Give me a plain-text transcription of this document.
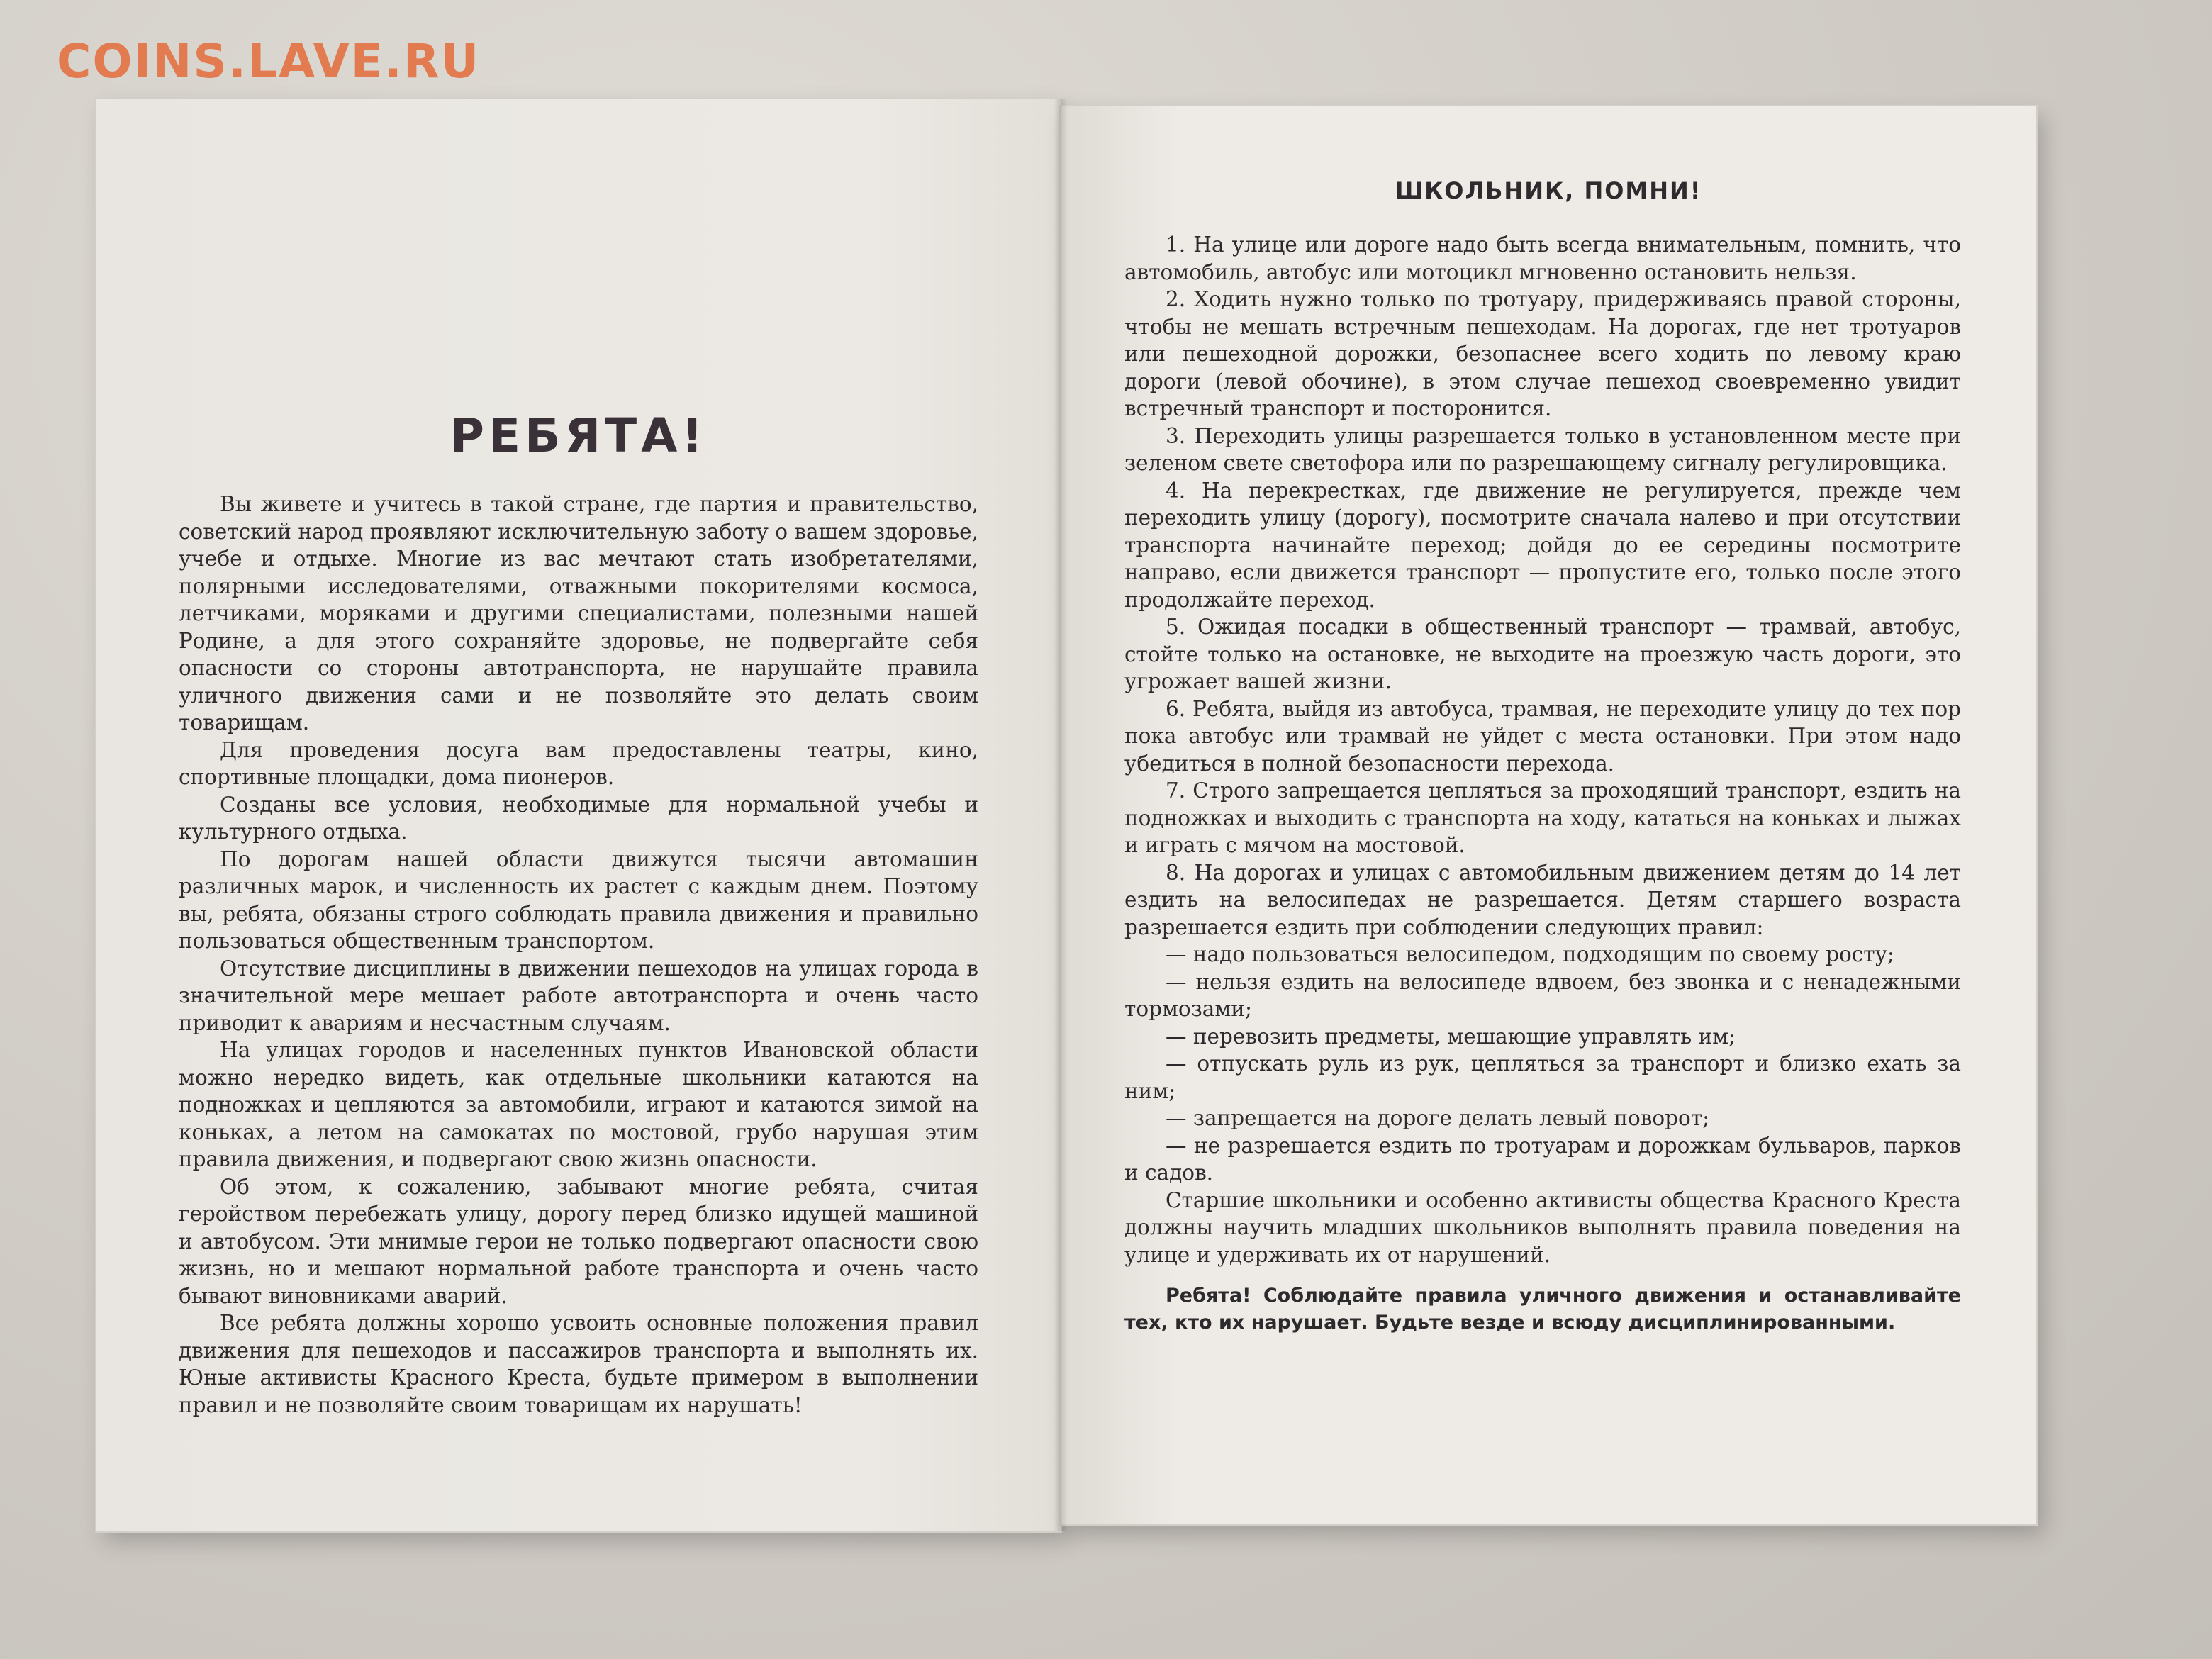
COINS.LAVE.RU
РЕБЯТА!

Вы живете и учитесь в такой стране, где партия и правительство, советский народ проявляют исключительную заботу о вашем здоровье, учебе и отдыхе. Многие из вас мечтают стать изобретателями, полярными исследователями, отважными покорителями космоса, летчиками, моряками и другими специалистами, полезными нашей Родине, а для этого сохраняйте здоровье, не подвергайте себя опасности со стороны автотранспорта, не нарушайте правила уличного движения сами и не позволяйте это делать своим товарищам.

Для проведения досуга вам предоставлены театры, кино, спортивные площадки, дома пионеров.

Созданы все условия, необходимые для нормальной учебы и культурного отдыха.

По дорогам нашей области движутся тысячи автомашин различных марок, и численность их растет с каждым днем. Поэтому вы, ребята, обязаны строго соблюдать правила движения и правильно пользоваться общественным транспортом.

Отсутствие дисциплины в движении пешеходов на улицах города в значительной мере мешает работе автотранспорта и очень часто приводит к авариям и несчастным случаям.

На улицах городов и населенных пунктов Ивановской области можно нередко видеть, как отдельные школьники катаются на подножках и цепляются за автомобили, играют и катаются зимой на коньках, а летом на самокатах по мостовой, грубо нарушая этим правила движения, и подвергают свою жизнь опасности.

Об этом, к сожалению, забывают многие ребята, считая геройством перебежать улицу, дорогу перед близко идущей машиной и автобусом. Эти мнимые герои не только подвергают опасности свою жизнь, но и мешают нормальной работе транспорта и очень часто бывают виновниками аварий.

Все ребята должны хорошо усвоить основные положения правил движения для пешеходов и пассажиров транспорта и выполнять их. Юные активисты Красного Креста, будьте примером в выполнении правил и не позволяйте своим товарищам их нарушать!

ШКОЛЬНИК, ПОМНИ!

1. На улице или дороге надо быть всегда внимательным, помнить, что автомобиль, автобус или мотоцикл мгновенно остановить нельзя.

2. Ходить нужно только по тротуару, придерживаясь правой стороны, чтобы не мешать встречным пешеходам. На дорогах, где нет тротуаров или пешеходной дорожки, безопаснее всего ходить по левому краю дороги (левой обочине), в этом случае пешеход своевременно увидит встречный транспорт и посторонится.

3. Переходить улицы разрешается только в установленном месте при зеленом свете светофора или по разрешающему сигналу регулировщика.

4. На перекрестках, где движение не регулируется, прежде чем переходить улицу (дорогу), посмотрите сначала налево и при отсутствии транспорта начинайте переход; дойдя до ее середины посмотрите направо, если движется транспорт — пропустите его, только после этого продолжайте переход.

5. Ожидая посадки в общественный транспорт — трамвай, автобус, стойте только на остановке, не выходите на проезжую часть дороги, это угрожает вашей жизни.

6. Ребята, выйдя из автобуса, трамвая, не переходите улицу до тех пор пока автобус или трамвай не уйдет с места остановки. При этом надо убедиться в полной безопасности перехода.

7. Строго запрещается цепляться за проходящий транспорт, ездить на подножках и выходить с транспорта на ходу, кататься на коньках и лыжах и играть с мячом на мостовой.

8. На дорогах и улицах с автомобильным движением детям до 14 лет ездить на велосипедах не разрешается. Детям старшего возраста разрешается ездить при соблюдении следующих правил:

— надо пользоваться велосипедом, подходящим по своему росту;

— нельзя ездить на велосипеде вдвоем, без звонка и с ненадежными тормозами;

— перевозить предметы, мешающие управлять им;

— отпускать руль из рук, цепляться за транспорт и близко ехать за ним;

— запрещается на дороге делать левый поворот;

— не разрешается ездить по тротуарам и дорожкам бульваров, парков и садов.

Старшие школьники и особенно активисты общества Красного Креста должны научить младших школьников выполнять правила поведения на улице и удерживать их от нарушений.

Ребята! Соблюдайте правила уличного движения и останавливайте тех, кто их нарушает. Будьте везде и всюду дисциплинированными.
